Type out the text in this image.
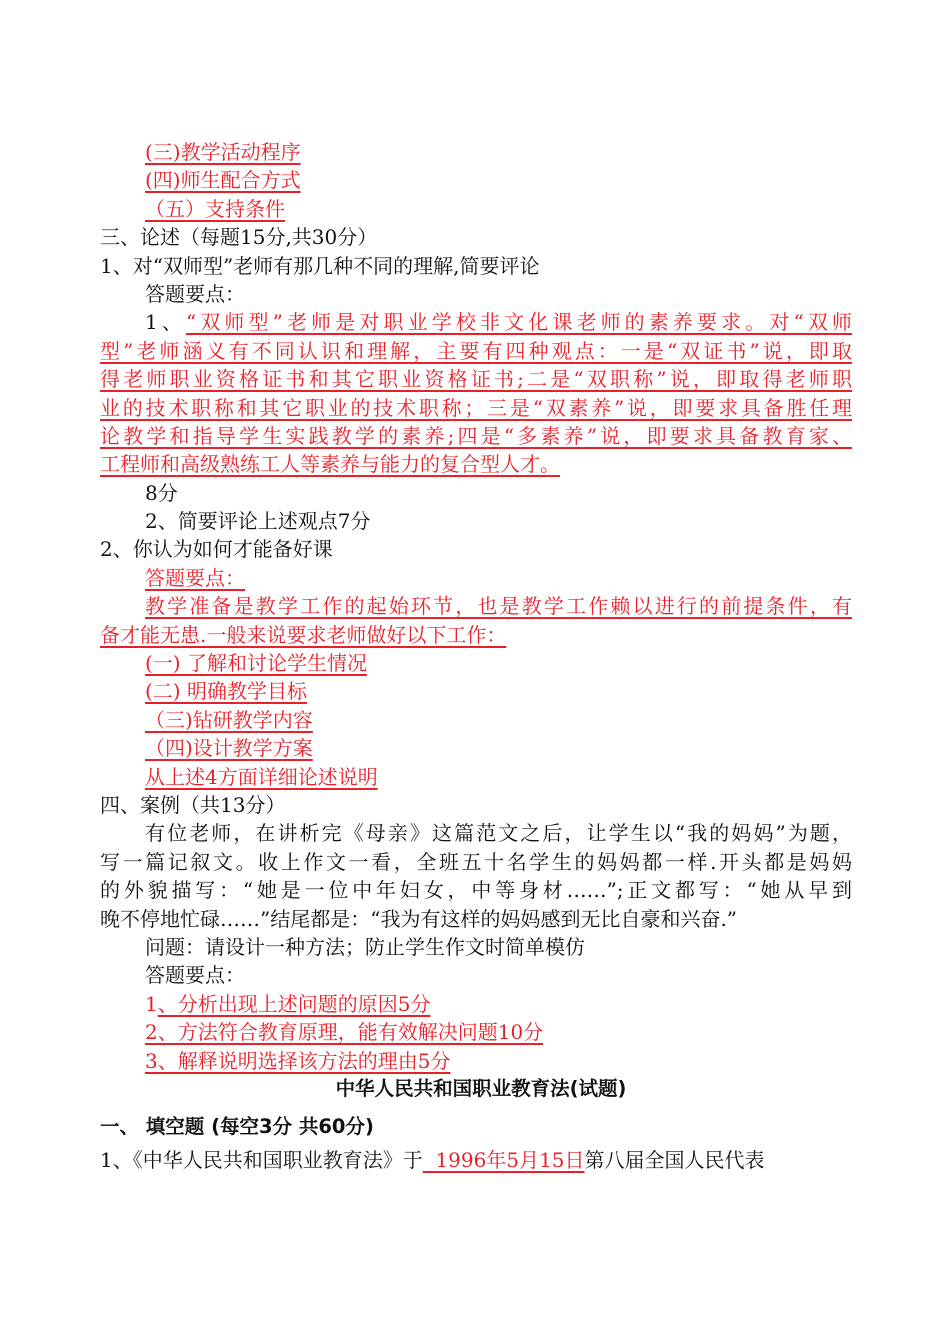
(三)教学活动程序
(四)师生配合方式
（五）支持条件
三、论述（每题15分,共30分）
1、对“双师型”老师有那几种不同的理解,简要评论
答题要点：
1、“双师型”老师是对职业学校非文化课老师的素养要求。对“双师
型”老师涵义有不同认识和理解，主要有四种观点：一是“双证书”说，即取
得老师职业资格证书和其它职业资格证书;二是“双职称”说，即取得老师职
业的技术职称和其它职业的技术职称；三是“双素养”说，即要求具备胜任理
论教学和指导学生实践教学的素养;四是“多素养”说，即要求具备教育家、
工程师和高级熟练工人等素养与能力的复合型人才。
8分
2、简要评论上述观点7分
2、你认为如何才能备好课
答题要点：
教学准备是教学工作的起始环节，也是教学工作赖以进行的前提条件，有
备才能无患.一般来说要求老师做好以下工作：
(一) 了解和讨论学生情况
(二) 明确教学目标
（三)钻研教学内容
（四)设计教学方案
从上述4方面详细论述说明
四、案例（共13分）
有位老师，在讲析完《母亲》这篇范文之后，让学生以“我的妈妈”为题，
写一篇记叙文。收上作文一看，全班五十名学生的妈妈都一样.开头都是妈妈
的外貌描写：“她是一位中年妇女，中等身材……”;正文都写：“她从早到
晚不停地忙碌……”结尾都是：“我为有这样的妈妈感到无比自豪和兴奋.”
问题：请设计一种方法；防止学生作文时简单模仿
答题要点：
1、分析出现上述问题的原因5分
2、方法符合教育原理，能有效解决问题10分
3、解释说明选择该方法的理由5分
中华人民共和国职业教育法(试题)
一、 填空题 (每空3分 共60分)
1、《中华人民共和国职业教育法》于  1996年5月15日第八届全国人民代表
